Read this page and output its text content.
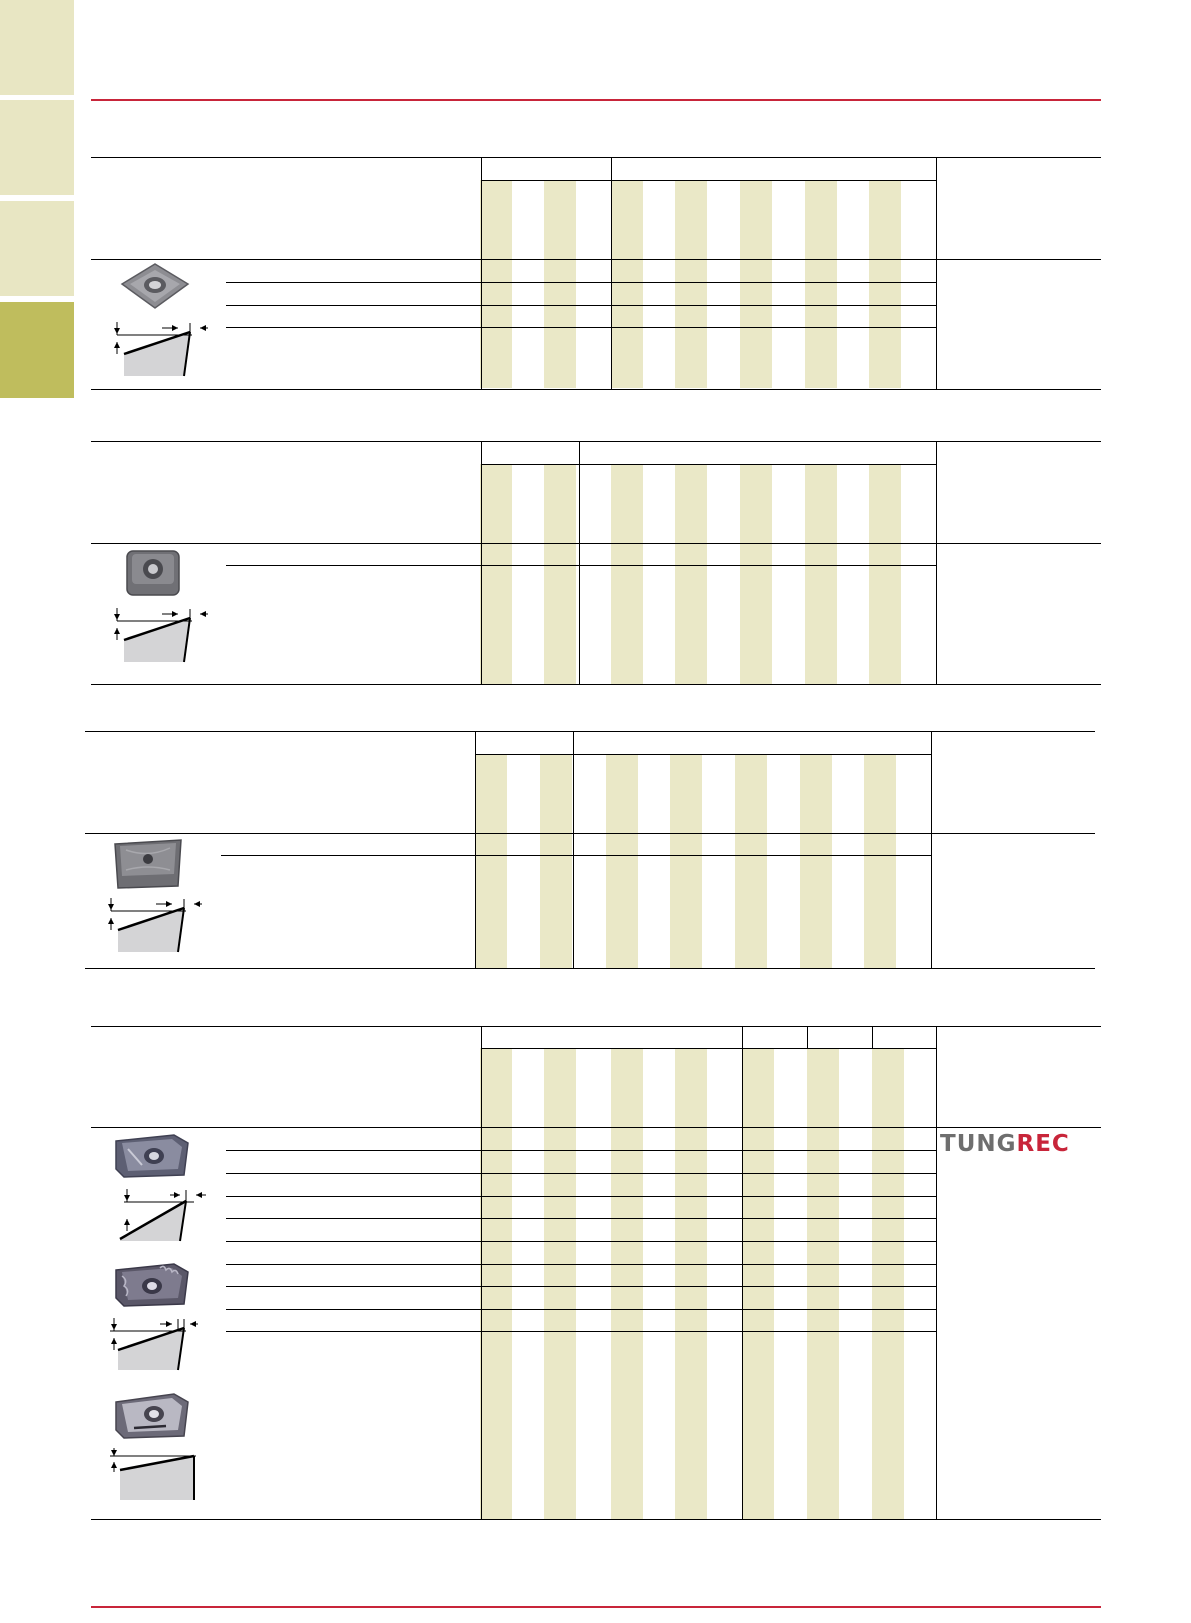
TUNGREC
